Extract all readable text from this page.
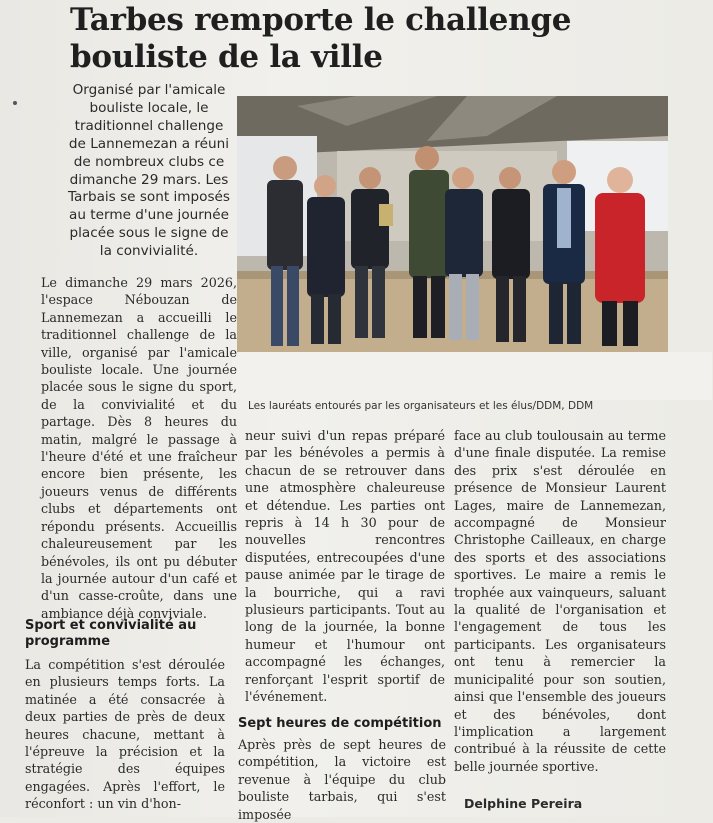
Tarbes remporte le challenge
bouliste de la ville

Organisé par l'amicale bouliste locale, le traditionnel challenge de Lannemezan a réuni de nombreux clubs ce dimanche 29 mars. Les Tarbais se sont imposés au terme d'une journée placée sous le signe de la convivialité.

Les lauréats entourés par les organisateurs et les élus/DDM, DDM

Le dimanche 29 mars 2026, l'espace Nébouzan de Lannemezan a accueilli le traditionnel challenge de la ville, organisé par l'amicale bouliste locale. Une journée placée sous le signe du sport, de la convivialité et du partage. Dès 8 heures du matin, malgré le passage à l'heure d'été et une fraîcheur encore bien présente, les joueurs venus de différents clubs et départements ont répondu présents. Accueillis chaleureusement par les bénévoles, ils ont pu débuter la journée autour d'un café et d'un casse-croûte, dans une ambiance déjà conviviale.

Sport et convivialité au programme

La compétition s'est déroulée en plusieurs temps forts. La matinée a été consacrée à deux parties de près de deux heures chacune, mettant à l'épreuve la précision et la stratégie des équipes engagées. Après l'effort, le réconfort : un vin d'hon-

neur suivi d'un repas préparé par les bénévoles a permis à chacun de se retrouver dans une atmosphère chaleureuse et détendue. Les parties ont repris à 14 h 30 pour de nouvelles rencontres disputées, entrecoupées d'une pause animée par le tirage de la bourriche, qui a ravi plusieurs participants. Tout au long de la journée, la bonne humeur et l'humour ont accompagné les échanges, renforçant l'esprit sportif de l'événement.

Sept heures de compétition

Après près de sept heures de compétition, la victoire est revenue à l'équipe du club bouliste tarbais, qui s'est imposée

face au club toulousain au terme d'une finale disputée. La remise des prix s'est déroulée en présence de Monsieur Laurent Lages, maire de Lannemezan, accompagné de Monsieur Christophe Cailleaux, en charge des sports et des associations sportives. Le maire a remis le trophée aux vainqueurs, saluant la qualité de l'organisation et l'engagement de tous les participants. Les organisateurs ont tenu à remercier la municipalité pour son soutien, ainsi que l'ensemble des joueurs et des bénévoles, dont l'implication a largement contribué à la réussite de cette belle journée sportive.

Delphine Pereira
